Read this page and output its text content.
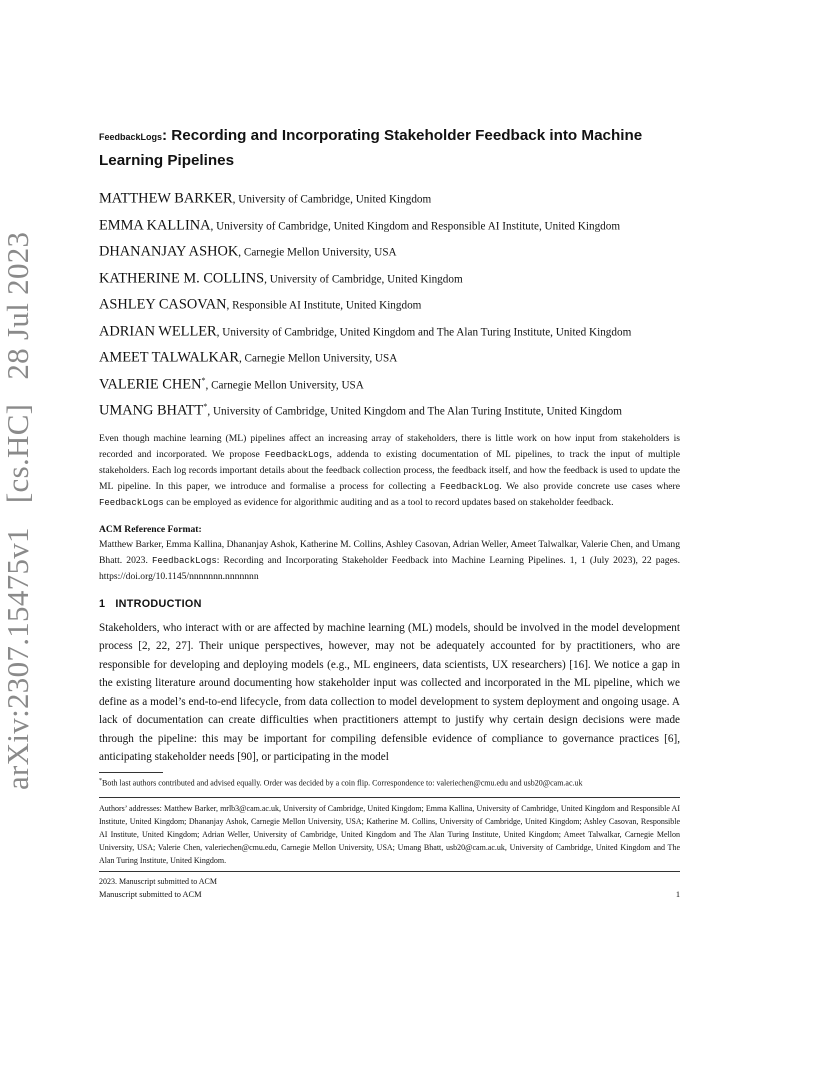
arXiv:2307.15475v1 [cs.HC] 28 Jul 2023
FeedbackLogs: Recording and Incorporating Stakeholder Feedback into Machine Learning Pipelines
MATTHEW BARKER, University of Cambridge, United Kingdom
EMMA KALLINA, University of Cambridge, United Kingdom and Responsible AI Institute, United Kingdom
DHANANJAY ASHOK, Carnegie Mellon University, USA
KATHERINE M. COLLINS, University of Cambridge, United Kingdom
ASHLEY CASOVAN, Responsible AI Institute, United Kingdom
ADRIAN WELLER, University of Cambridge, United Kingdom and The Alan Turing Institute, United Kingdom
AMEET TALWALKAR, Carnegie Mellon University, USA
VALERIE CHEN*, Carnegie Mellon University, USA
UMANG BHATT*, University of Cambridge, United Kingdom and The Alan Turing Institute, United Kingdom

Even though machine learning (ML) pipelines affect an increasing array of stakeholders, there is little work on how input from stakeholders is recorded and incorporated. We propose FeedbackLogs, addenda to existing documentation of ML pipelines, to track the input of multiple stakeholders. Each log records important details about the feedback collection process, the feedback itself, and how the feedback is used to update the ML pipeline. In this paper, we introduce and formalise a process for collecting a FeedbackLog. We also provide concrete use cases where FeedbackLogs can be employed as evidence for algorithmic auditing and as a tool to record updates based on stakeholder feedback.

ACM Reference Format:
Matthew Barker, Emma Kallina, Dhananjay Ashok, Katherine M. Collins, Ashley Casovan, Adrian Weller, Ameet Talwalkar, Valerie Chen, and Umang Bhatt. 2023. FeedbackLogs: Recording and Incorporating Stakeholder Feedback into Machine Learning Pipelines. 1, 1 (July 2023), 22 pages. https://doi.org/10.1145/nnnnnnn.nnnnnnn
1 INTRODUCTION

Stakeholders, who interact with or are affected by machine learning (ML) models, should be involved in the model development process [2, 22, 27]. Their unique perspectives, however, may not be adequately accounted for by practitioners, who are responsible for developing and deploying models (e.g., ML engineers, data scientists, UX researchers) [16]. We notice a gap in the existing literature around documenting how stakeholder input was collected and incorporated in the ML pipeline, which we define as a model’s end-to-end lifecycle, from data collection to model development to system deployment and ongoing usage. A lack of documentation can create difficulties when practitioners attempt to justify why certain design decisions were made through the pipeline: this may be important for compiling defensible evidence of compliance to governance practices [6], anticipating stakeholder needs [90], or participating in the model

*Both last authors contributed and advised equally. Order was decided by a coin flip. Correspondence to: valeriechen@cmu.edu and usb20@cam.ac.uk
Authors’ addresses: Matthew Barker, mrlb3@cam.ac.uk, University of Cambridge, United Kingdom; Emma Kallina, University of Cambridge, United Kingdom and Responsible AI Institute, United Kingdom; Dhananjay Ashok, Carnegie Mellon University, USA; Katherine M. Collins, University of Cambridge, United Kingdom; Ashley Casovan, Responsible AI Institute, United Kingdom; Adrian Weller, University of Cambridge, United Kingdom and The Alan Turing Institute, United Kingdom; Ameet Talwalkar, Carnegie Mellon University, USA; Valerie Chen, valeriechen@cmu.edu, Carnegie Mellon University, USA; Umang Bhatt, usb20@cam.ac.uk, University of Cambridge, United Kingdom and The Alan Turing Institute, United Kingdom.
2023. Manuscript submitted to ACM
Manuscript submitted to ACM	1
